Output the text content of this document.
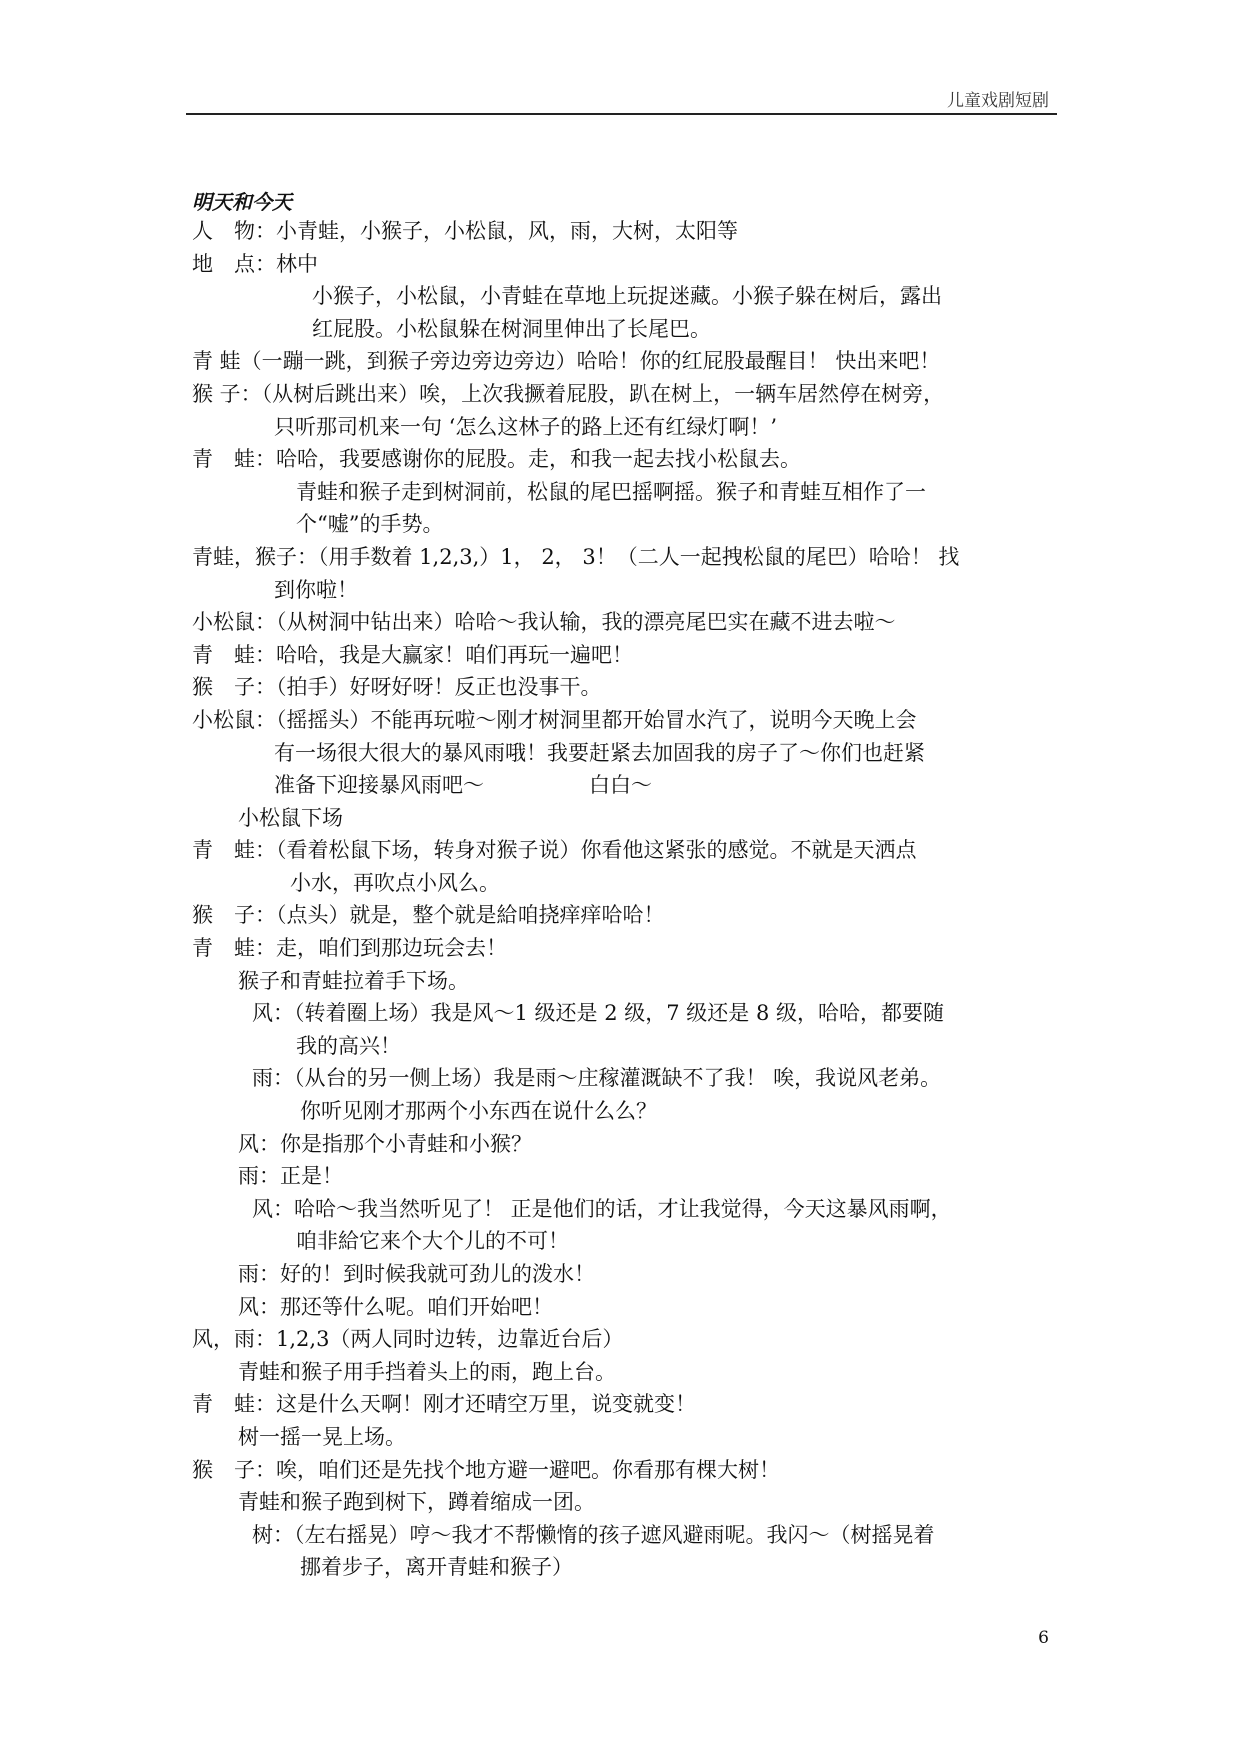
儿童戏剧短剧
明天和今天
人　物：小青蛙，小猴子，小松鼠，风，雨，大树，太阳等
地　点：林中
小猴子，小松鼠，小青蛙在草地上玩捉迷藏。小猴子躲在树后，露出
红屁股。小松鼠躲在树洞里伸出了长尾巴。
青 蛙（一蹦一跳，到猴子旁边旁边旁边）哈哈！你的红屁股最醒目！ 快出来吧！
猴 子：（从树后跳出来）唉，上次我撅着屁股，趴在树上，一辆车居然停在树旁，
只听那司机来一句 ‘怎么这林子的路上还有红绿灯啊！’
青　蛙：哈哈，我要感谢你的屁股。走，和我一起去找小松鼠去。
青蛙和猴子走到树洞前，松鼠的尾巴摇啊摇。猴子和青蛙互相作了一
个“嘘”的手势。
青蛙，猴子：（用手数着 1,2,3,）1， 2， 3！（二人一起拽松鼠的尾巴）哈哈！ 找
到你啦！
小松鼠：（从树洞中钻出来）哈哈～我认输，我的漂亮尾巴实在藏不进去啦～
青　蛙：哈哈，我是大赢家！咱们再玩一遍吧！
猴　子：（拍手）好呀好呀！反正也没事干。
小松鼠：（摇摇头）不能再玩啦～刚才树洞里都开始冒水汽了，说明今天晚上会
有一场很大很大的暴风雨哦！我要赶紧去加固我的房子了～你们也赶紧
准备下迎接暴风雨吧～　　　　　白白～
小松鼠下场
青　蛙：（看着松鼠下场，转身对猴子说）你看他这紧张的感觉。不就是天洒点
小水，再吹点小风么。
猴　子：（点头）就是，整个就是給咱挠痒痒哈哈！
青　蛙：走，咱们到那边玩会去！
猴子和青蛙拉着手下场。
风：（转着圈上场）我是风～1 级还是 2 级，7 级还是 8 级，哈哈，都要随
我的高兴！
雨：（从台的另一侧上场）我是雨～庄稼灌溉缺不了我！ 唉，我说风老弟。
你听见刚才那两个小东西在说什么么？
风：你是指那个小青蛙和小猴？
雨：正是！
风：哈哈～我当然听见了！ 正是他们的话，才让我觉得，今天这暴风雨啊，
咱非給它来个大个儿的不可！
雨：好的！到时候我就可劲儿的泼水！
风：那还等什么呢。咱们开始吧！
风，雨：1,2,3（两人同时边转，边靠近台后）
青蛙和猴子用手挡着头上的雨，跑上台。
青　蛙：这是什么天啊！刚才还晴空万里，说变就变！
树一摇一晃上场。
猴　子：唉，咱们还是先找个地方避一避吧。你看那有棵大树！
青蛙和猴子跑到树下，蹲着缩成一团。
树：（左右摇晃）哼～我才不帮懒惰的孩子遮风避雨呢。我闪～（树摇晃着
挪着步子，离开青蛙和猴子）
6
